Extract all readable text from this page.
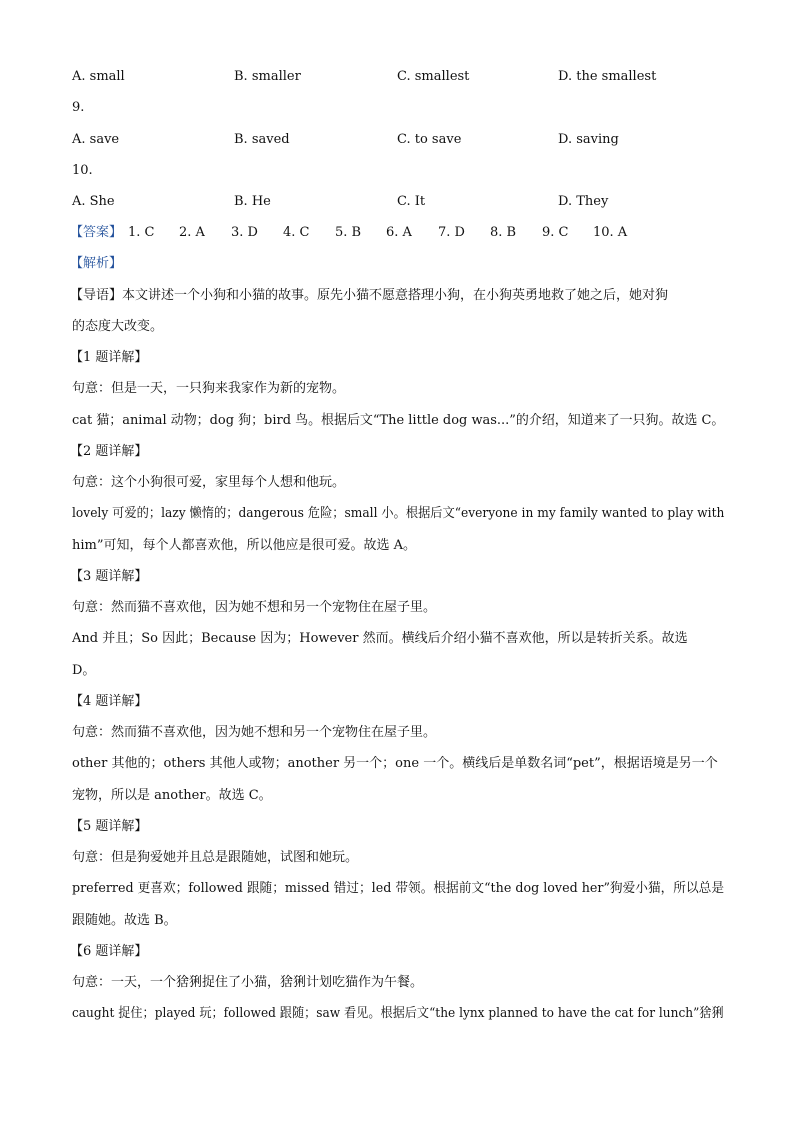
A. small	B. smaller	C. smallest	D. the smallest
9.
A. save	B. saved	C. to save	D. saving
10.
A. She	B. He	C. It	D. They
【答案】 1. C 2. A 3. D 4. C 5. B 6. A 7. D 8. B 9. C 10. A
【解析】
【导语】本文讲述一个小狗和小猫的故事。原先小猫不愿意搭理小狗，在小狗英勇地救了她之后，她对狗
的态度大改变。
【1 题详解】
句意：但是一天，一只狗来我家作为新的宠物。
cat 猫；animal 动物；dog 狗；bird 鸟。根据后文“The little dog was...”的介绍，知道来了一只狗。故选 C。
【2 题详解】
句意：这个小狗很可爱，家里每个人想和他玩。
lovely 可爱的；lazy 懒惰的；dangerous 危险；small 小。根据后文“everyone in my family wanted to play with
him”可知，每个人都喜欢他，所以他应是很可爱。故选 A。
【3 题详解】
句意：然而猫不喜欢他，因为她不想和另一个宠物住在屋子里。
And 并且；So 因此；Because 因为；However 然而。横线后介绍小猫不喜欢他，所以是转折关系。故选
D。
【4 题详解】
句意：然而猫不喜欢他，因为她不想和另一个宠物住在屋子里。
other 其他的；others 其他人或物；another 另一个；one 一个。横线后是单数名词“pet”，根据语境是另一个
宠物，所以是 another。故选 C。
【5 题详解】
句意：但是狗爱她并且总是跟随她，试图和她玩。
preferred 更喜欢；followed 跟随；missed 错过；led 带领。根据前文“the dog loved her”狗爱小猫，所以总是
跟随她。故选 B。
【6 题详解】
句意：一天，一个猞猁捉住了小猫，猞猁计划吃猫作为午餐。
caught 捉住；played 玩；followed 跟随；saw 看见。根据后文“the lynx planned to have the cat for lunch”猞猁
